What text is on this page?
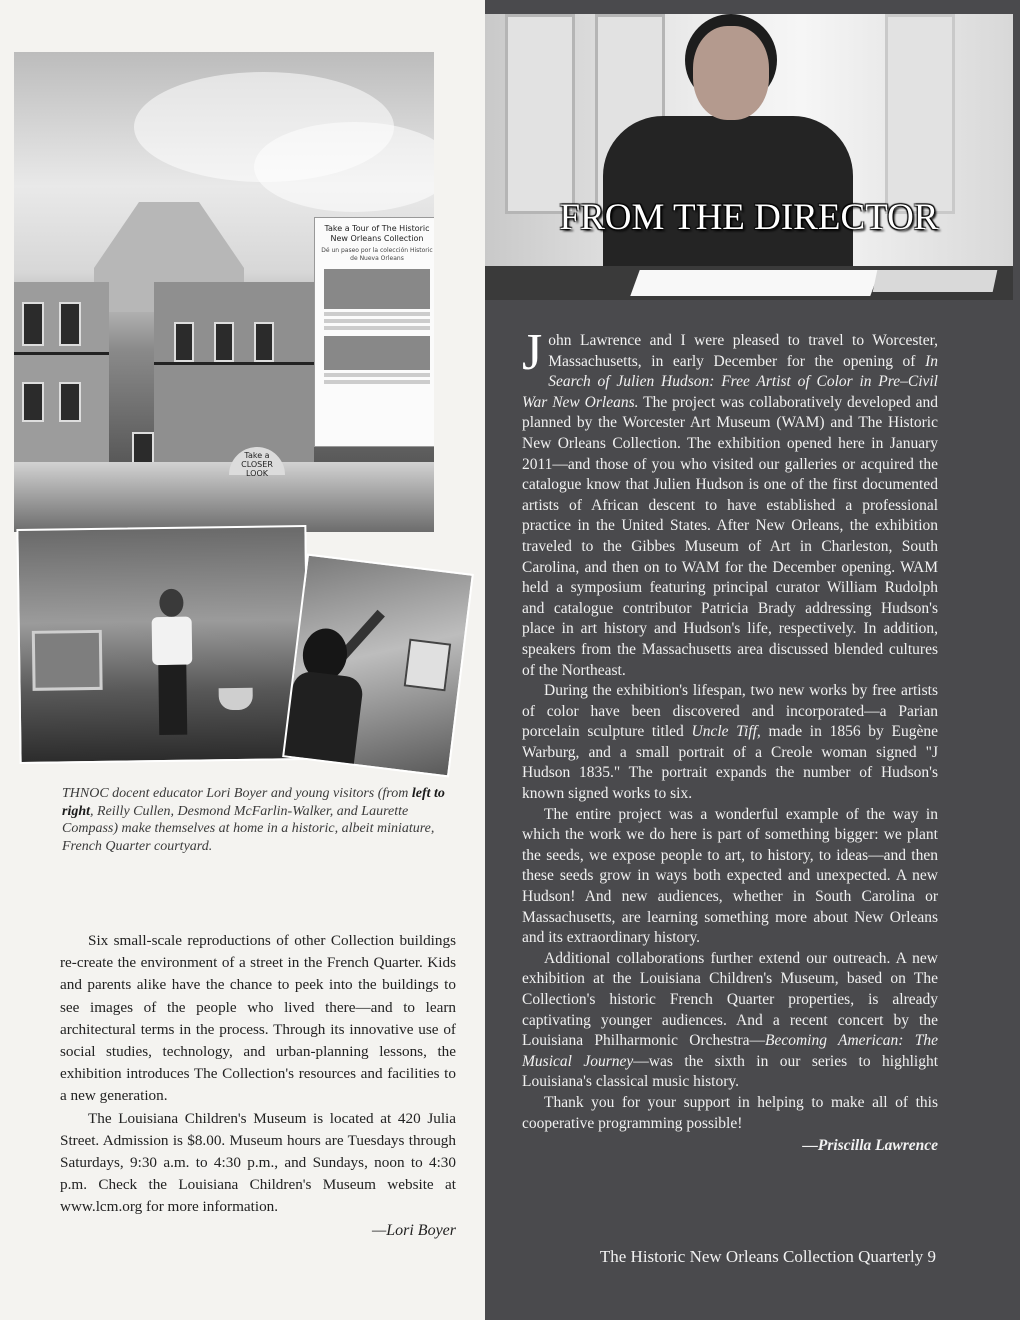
Take a Tour of The Historic New Orleans Collection
Dé un paseo por la colección Historic de Nueva Orleans
Take a CLOSER LOOK
THNOC docent educator Lori Boyer and young visitors (from left to right, Reilly Cullen, Desmond McFarlin-Walker, and Laurette Compass) make themselves at home in a historic, albeit miniature, French Quarter courtyard.

Six small-scale reproductions of other Collection buildings re-create the environment of a street in the French Quarter. Kids and parents alike have the chance to peek into the buildings to see images of the people who lived there—and to learn architectural terms in the process. Through its innovative use of social studies, technology, and urban-planning lessons, the exhibition introduces The Collection's resources and facilities to a new generation.

The Louisiana Children's Museum is located at 420 Julia Street. Admission is $8.00. Museum hours are Tuesdays through Saturdays, 9:30 a.m. to 4:30 p.m., and Sundays, noon to 4:30 p.m. Check the Louisiana Children's Museum website at www.lcm.org for more information.

—Lori Boyer
FROM THE DIRECTOR

John Lawrence and I were pleased to travel to Worcester, Massachusetts, in early December for the opening of In Search of Julien Hudson: Free Artist of Color in Pre–Civil War New Orleans. The project was collaboratively developed and planned by the Worcester Art Museum (WAM) and The Historic New Orleans Collection. The exhibition opened here in January 2011—and those of you who visited our galleries or acquired the catalogue know that Julien Hudson is one of the first documented artists of African descent to have established a professional practice in the United States. After New Orleans, the exhibition traveled to the Gibbes Museum of Art in Charleston, South Carolina, and then on to WAM for the December opening. WAM held a symposium featuring principal curator William Rudolph and catalogue contributor Patricia Brady addressing Hudson's place in art history and Hudson's life, respectively. In addition, speakers from the Massachusetts area discussed blended cultures of the Northeast.

During the exhibition's lifespan, two new works by free artists of color have been discovered and incorporated—a Parian porcelain sculpture titled Uncle Tiff, made in 1856 by Eugène Warburg, and a small portrait of a Creole woman signed "J Hudson 1835." The portrait expands the number of Hudson's known signed works to six.

The entire project was a wonderful example of the way in which the work we do here is part of something bigger: we plant the seeds, we expose people to art, to history, to ideas—and then these seeds grow in ways both expected and unexpected. A new Hudson! And new audiences, whether in South Carolina or Massachusetts, are learning something more about New Orleans and its extraordinary history.

Additional collaborations further extend our outreach. A new exhibition at the Louisiana Children's Museum, based on The Collection's historic French Quarter properties, is already captivating younger audiences. And a recent concert by the Louisiana Philharmonic Orchestra—Becoming American: The Musical Journey—was the sixth in our series to highlight Louisiana's classical music history.

Thank you for your support in helping to make all of this cooperative programming possible!

—Priscilla Lawrence
The Historic New Orleans Collection Quarterly 9
